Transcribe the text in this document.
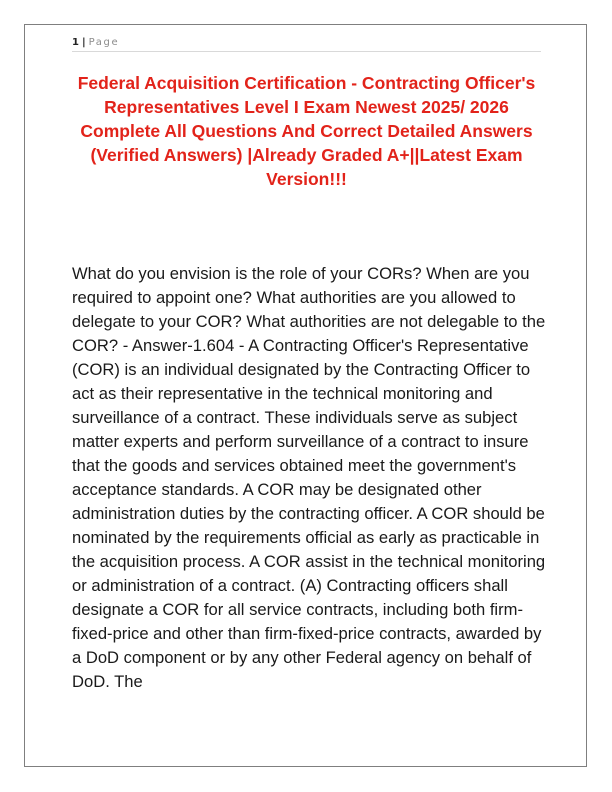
1 | Page
Federal Acquisition Certification - Contracting Officer's Representatives Level I Exam Newest 2025/ 2026 Complete All Questions And Correct Detailed Answers (Verified Answers) |Already Graded A+||Latest Exam Version!!!

What do you envision is the role of your CORs? When are you required to appoint one? What authorities are you allowed to delegate to your COR? What authorities are not delegable to the COR? - Answer-1.604 - A Contracting Officer's Representative (COR) is an individual designated by the Contracting Officer to act as their representative in the technical monitoring and surveillance of a contract. These individuals serve as subject matter experts and perform surveillance of a contract to insure that the goods and services obtained meet the government's acceptance standards. A COR may be designated other administration duties by the contracting officer. A COR should be nominated by the requirements official as early as practicable in the acquisition process. A COR assist in the technical monitoring or administration of a contract. (A) Contracting officers shall designate a COR for all service contracts, including both firm-fixed-price and other than firm-fixed-price contracts, awarded by a DoD component or by any other Federal agency on behalf of DoD. The
